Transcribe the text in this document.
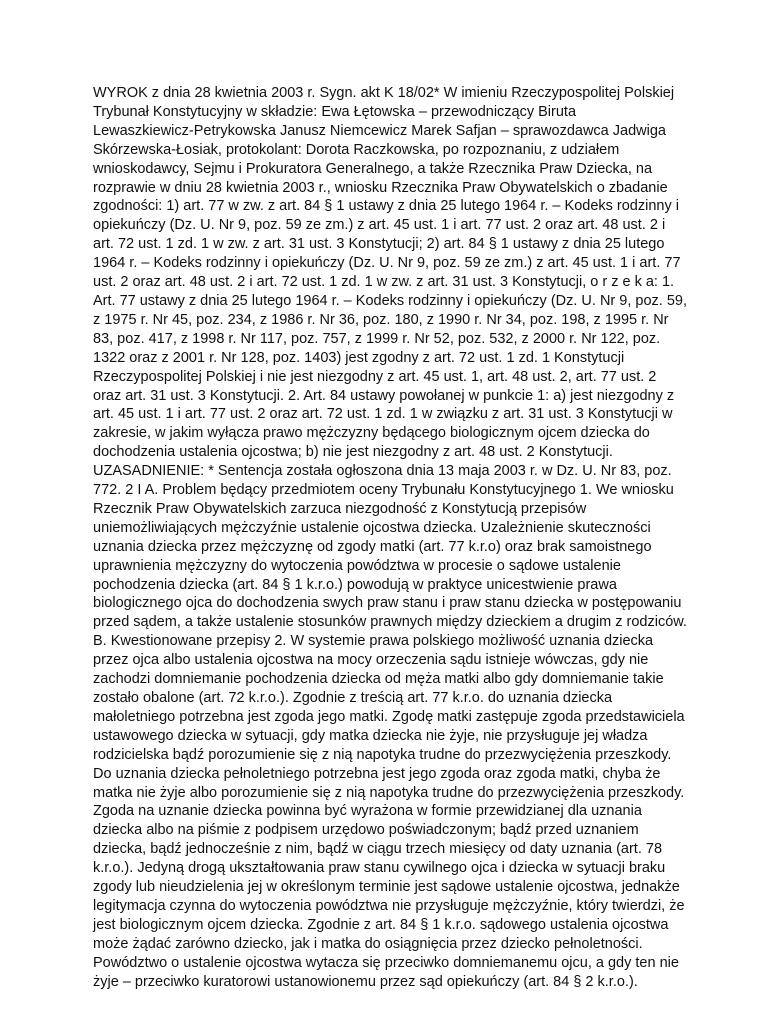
WYROK z dnia 28 kwietnia 2003 r. Sygn. akt K 18/02* W imieniu Rzeczypospolitej Polskiej
Trybunał Konstytucyjny w składzie: Ewa Łętowska – przewodniczący Biruta
Lewaszkiewicz-Petrykowska Janusz Niemcewicz Marek Safjan – sprawozdawca Jadwiga
Skórzewska-Łosiak, protokolant: Dorota Raczkowska, po rozpoznaniu, z udziałem
wnioskodawcy, Sejmu i Prokuratora Generalnego, a także Rzecznika Praw Dziecka, na
rozprawie w dniu 28 kwietnia 2003 r., wniosku Rzecznika Praw Obywatelskich o zbadanie
zgodności: 1) art. 77 w zw. z art. 84 § 1 ustawy z dnia 25 lutego 1964 r. – Kodeks rodzinny i
opiekuńczy (Dz. U. Nr 9, poz. 59 ze zm.) z art. 45 ust. 1 i art. 77 ust. 2 oraz art. 48 ust. 2 i
art. 72 ust. 1 zd. 1 w zw. z art. 31 ust. 3 Konstytucji; 2) art. 84 § 1 ustawy z dnia 25 lutego
1964 r. – Kodeks rodzinny i opiekuńczy (Dz. U. Nr 9, poz. 59 ze zm.) z art. 45 ust. 1 i art. 77
ust. 2 oraz art. 48 ust. 2 i art. 72 ust. 1 zd. 1 w zw. z art. 31 ust. 3 Konstytucji, o r z e k a: 1.
Art. 77 ustawy z dnia 25 lutego 1964 r. – Kodeks rodzinny i opiekuńczy (Dz. U. Nr 9, poz. 59,
z 1975 r. Nr 45, poz. 234, z 1986 r. Nr 36, poz. 180, z 1990 r. Nr 34, poz. 198, z 1995 r. Nr
83, poz. 417, z 1998 r. Nr 117, poz. 757, z 1999 r. Nr 52, poz. 532, z 2000 r. Nr 122, poz.
1322 oraz z 2001 r. Nr 128, poz. 1403) jest zgodny z art. 72 ust. 1 zd. 1 Konstytucji
Rzeczypospolitej Polskiej i nie jest niezgodny z art. 45 ust. 1, art. 48 ust. 2, art. 77 ust. 2
oraz art. 31 ust. 3 Konstytucji. 2. Art. 84 ustawy powołanej w punkcie 1: a) jest niezgodny z
art. 45 ust. 1 i art. 77 ust. 2 oraz art. 72 ust. 1 zd. 1 w związku z art. 31 ust. 3 Konstytucji w
zakresie, w jakim wyłącza prawo mężczyzny będącego biologicznym ojcem dziecka do
dochodzenia ustalenia ojcostwa; b) nie jest niezgodny z art. 48 ust. 2 Konstytucji.
UZASADNIENIE: * Sentencja została ogłoszona dnia 13 maja 2003 r. w Dz. U. Nr 83, poz.
772. 2 I A. Problem będący przedmiotem oceny Trybunału Konstytucyjnego 1. We wniosku
Rzecznik Praw Obywatelskich zarzuca niezgodność z Konstytucją przepisów
uniemożliwiających mężczyźnie ustalenie ojcostwa dziecka. Uzależnienie skuteczności
uznania dziecka przez mężczyznę od zgody matki (art. 77 k.r.o) oraz brak samoistnego
uprawnienia mężczyzny do wytoczenia powództwa w procesie o sądowe ustalenie
pochodzenia dziecka (art. 84 § 1 k.r.o.) powodują w praktyce unicestwienie prawa
biologicznego ojca do dochodzenia swych praw stanu i praw stanu dziecka w postępowaniu
przed sądem, a także ustalenie stosunków prawnych między dzieckiem a drugim z rodziców.
B. Kwestionowane przepisy 2. W systemie prawa polskiego możliwość uznania dziecka
przez ojca albo ustalenia ojcostwa na mocy orzeczenia sądu istnieje wówczas, gdy nie
zachodzi domniemanie pochodzenia dziecka od męża matki albo gdy domniemanie takie
zostało obalone (art. 72 k.r.o.). Zgodnie z treścią art. 77 k.r.o. do uznania dziecka
małoletniego potrzebna jest zgoda jego matki. Zgodę matki zastępuje zgoda przedstawiciela
ustawowego dziecka w sytuacji, gdy matka dziecka nie żyje, nie przysługuje jej władza
rodzicielska bądź porozumienie się z nią napotyka trudne do przezwyciężenia przeszkody.
Do uznania dziecka pełnoletniego potrzebna jest jego zgoda oraz zgoda matki, chyba że
matka nie żyje albo porozumienie się z nią napotyka trudne do przezwyciężenia przeszkody.
Zgoda na uznanie dziecka powinna być wyrażona w formie przewidzianej dla uznania
dziecka albo na piśmie z podpisem urzędowo poświadczonym; bądź przed uznaniem
dziecka, bądź jednocześnie z nim, bądź w ciągu trzech miesięcy od daty uznania (art. 78
k.r.o.). Jedyną drogą ukształtowania praw stanu cywilnego ojca i dziecka w sytuacji braku
zgody lub nieudzielenia jej w określonym terminie jest sądowe ustalenie ojcostwa, jednakże
legitymacja czynna do wytoczenia powództwa nie przysługuje mężczyźnie, który twierdzi, że
jest biologicznym ojcem dziecka. Zgodnie z art. 84 § 1 k.r.o. sądowego ustalenia ojcostwa
może żądać zarówno dziecko, jak i matka do osiągnięcia przez dziecko pełnoletności.
Powództwo o ustalenie ojcostwa wytacza się przeciwko domniemanemu ojcu, a gdy ten nie
żyje – przeciwko kuratorowi ustanowionemu przez sąd opiekuńczy (art. 84 § 2 k.r.o.).
